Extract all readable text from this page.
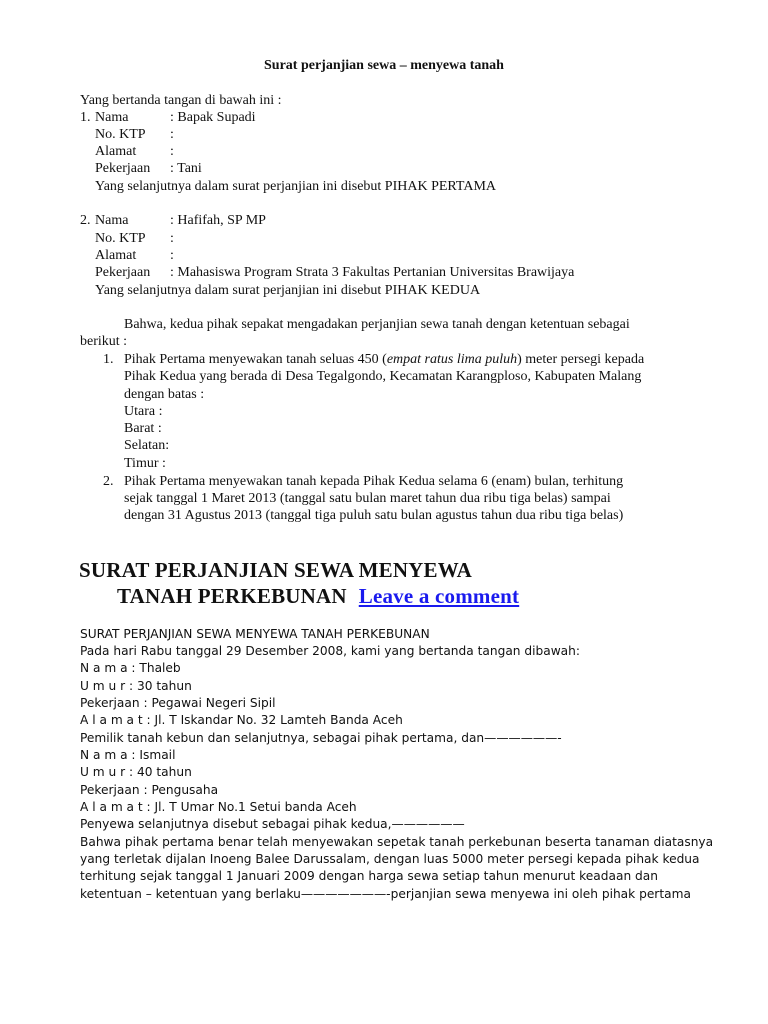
Surat perjanjian sewa – menyewa tanah
Yang bertanda tangan di bawah ini :
1. Nama	: Bapak Supadi
No. KTP :
Alamat :
Pekerjaan : Tani
Yang selanjutnya dalam surat perjanjian ini disebut PIHAK PERTAMA
2. Nama	: Hafifah, SP MP
No. KTP :
Alamat :
Pekerjaan : Mahasiswa Program Strata 3 Fakultas Pertanian Universitas Brawijaya
Yang selanjutnya dalam surat perjanjian ini disebut PIHAK KEDUA
Bahwa, kedua pihak sepakat mengadakan perjanjian sewa tanah dengan ketentuan sebagai
berikut :
1. Pihak Pertama menyewakan tanah seluas 450 (empat ratus lima puluh) meter persegi kepada
Pihak Kedua yang berada di Desa Tegalgondo, Kecamatan Karangploso, Kabupaten Malang
dengan batas :
Utara :
Barat :
Selatan:
Timur :
2. Pihak Pertama menyewakan tanah kepada Pihak Kedua selama 6 (enam) bulan, terhitung
sejak tanggal 1 Maret 2013 (tanggal satu bulan maret tahun dua ribu tiga belas) sampai
dengan 31 Agustus 2013 (tanggal tiga puluh satu bulan agustus tahun dua ribu tiga belas)
SURAT PERJANJIAN SEWA MENYEWA
TANAH PERKEBUNAN Leave a comment
SURAT PERJANJIAN SEWA MENYEWA TANAH PERKEBUNAN
Pada hari Rabu tanggal 29 Desember 2008, kami yang bertanda tangan dibawah:
N a m a : Thaleb
U m u r : 30 tahun
Pekerjaan : Pegawai Negeri Sipil
A l a m a t : Jl. T Iskandar No. 32 Lamteh Banda Aceh
Pemilik tanah kebun dan selanjutnya, sebagai pihak pertama, dan——————-
N a m a : Ismail
U m u r : 40 tahun
Pekerjaan : Pengusaha
A l a m a t : Jl. T Umar No.1 Setui banda Aceh
Penyewa selanjutnya disebut sebagai pihak kedua,——————
Bahwa pihak pertama benar telah menyewakan sepetak tanah perkebunan beserta tanaman diatasnya
yang terletak dijalan Inoeng Balee Darussalam, dengan luas 5000 meter persegi kepada pihak kedua
terhitung sejak tanggal 1 Januari 2009 dengan harga sewa setiap tahun menurut keadaan dan
ketentuan – ketentuan yang berlaku———————-perjanjian sewa menyewa ini oleh pihak pertama
